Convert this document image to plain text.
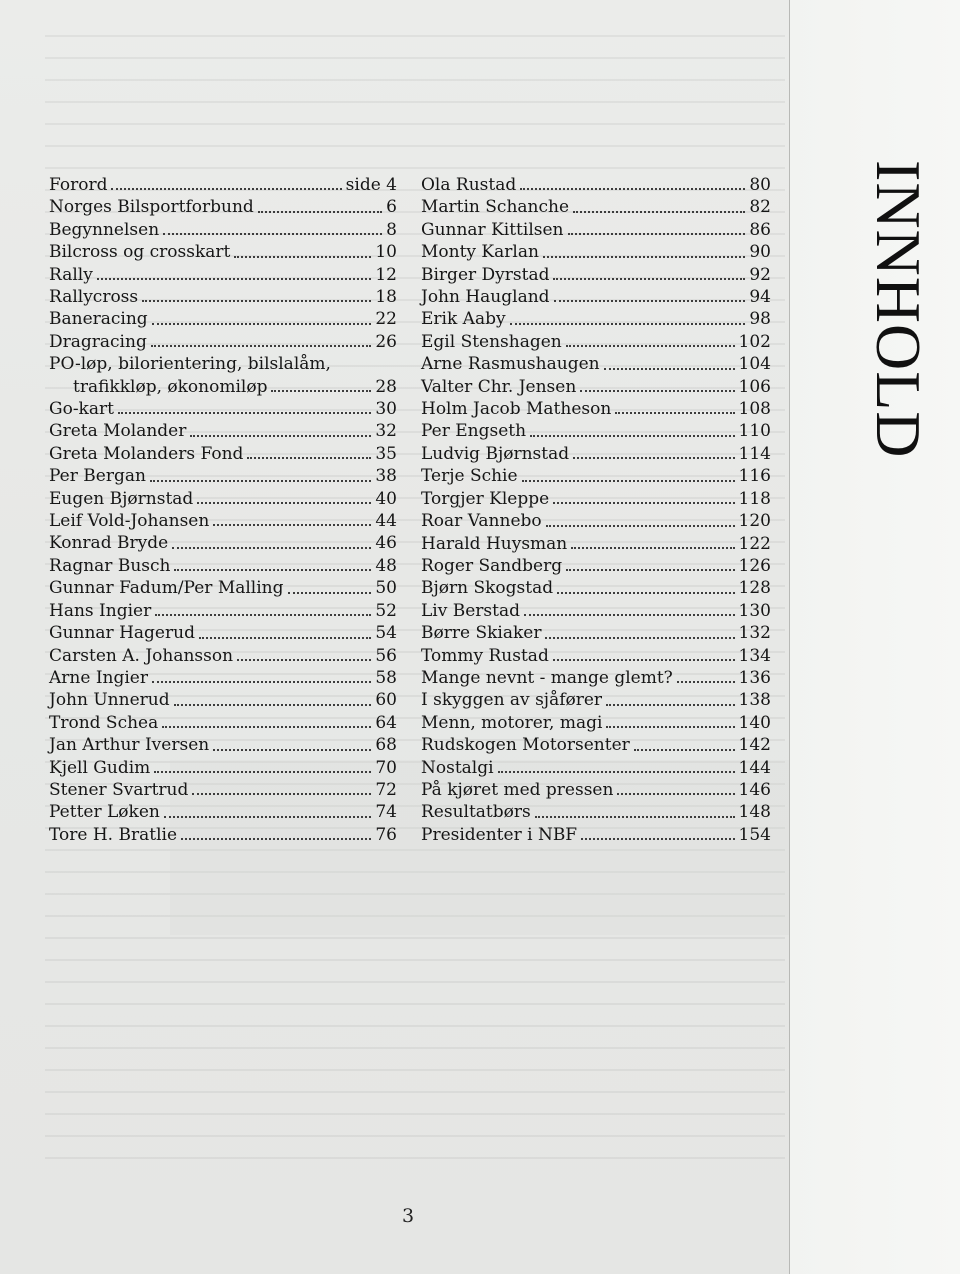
Forord	side 4
Norges Bilsportforbund	6
Begynnelsen	8
Bilcross og crosskart	10
Rally	12
Rallycross	18
Baneracing	22
Dragracing	26
PO-løp, bilorientering, bilslalåm,
trafikkløp, økonomiløp	28
Go-kart	30
Greta Molander	32
Greta Molanders Fond	35
Per Bergan	38
Eugen Bjørnstad	40
Leif Vold-Johansen	44
Konrad Bryde	46
Ragnar Busch	48
Gunnar Fadum/Per Malling	50
Hans Ingier	52
Gunnar Hagerud	54
Carsten A. Johansson	56
Arne Ingier	58
John Unnerud	60
Trond Schea	64
Jan Arthur Iversen	68
Kjell Gudim	70
Stener Svartrud	72
Petter Løken	74
Tore H. Bratlie	76
Ola Rustad	80
Martin Schanche	82
Gunnar Kittilsen	86
Monty Karlan	90
Birger Dyrstad	92
John Haugland	94
Erik Aaby	98
Egil Stenshagen	102
Arne Rasmushaugen	104
Valter Chr. Jensen	106
Holm Jacob Matheson	108
Per Engseth	110
Ludvig Bjørnstad	114
Terje Schie	116
Torgjer Kleppe	118
Roar Vannebo	120
Harald Huysman	122
Roger Sandberg	126
Bjørn Skogstad	128
Liv Berstad	130
Børre Skiaker	132
Tommy Rustad	134
Mange nevnt - mange glemt?	136
I skyggen av sjåfører	138
Menn, motorer, magi	140
Rudskogen Motorsenter	142
Nostalgi	144
På kjøret med pressen	146
Resultatbørs	148
Presidenter i NBF	154
3
INNHOLD
